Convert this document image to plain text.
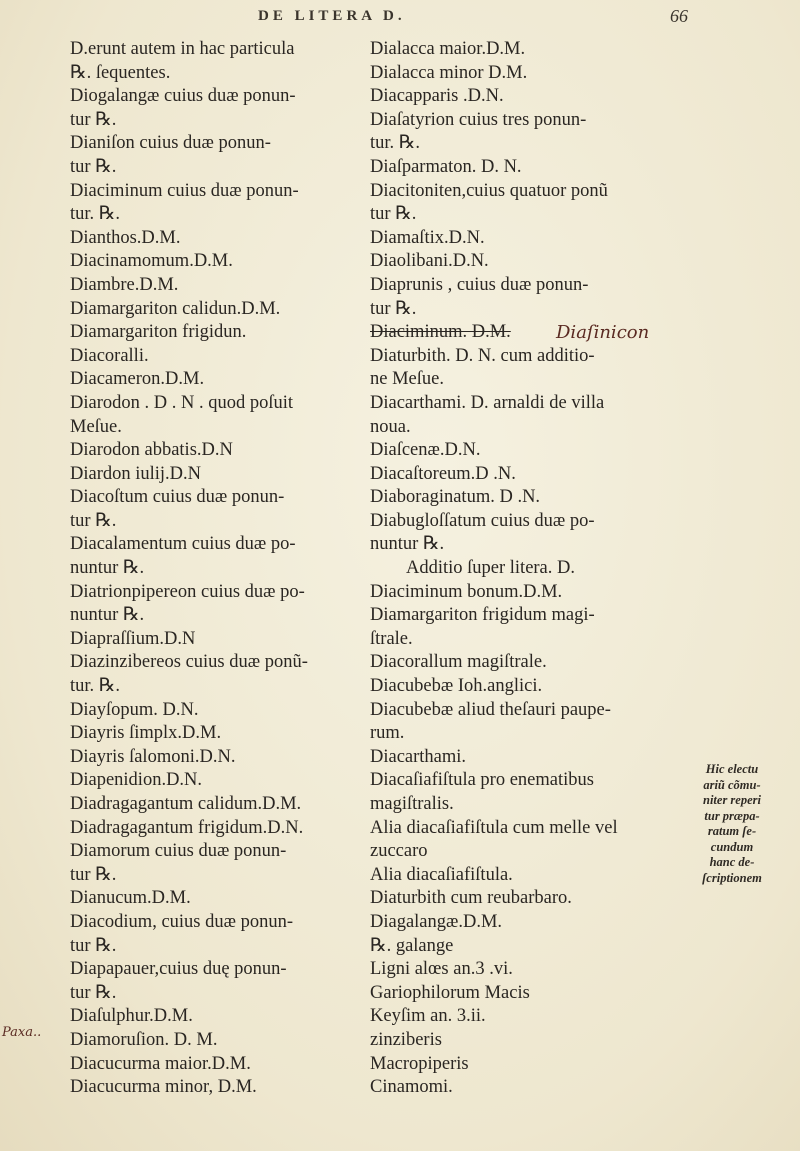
DE LITERA D.	66

D.erunt autem in hac particula

℞. ſequentes.

Diogalangæ cuius duæ ponun-

tur ℞.

Dianiſon cuius duæ ponun-

tur ℞.

Diaciminum cuius duæ ponun-

tur. ℞.

Dianthos.D.M.

Diacinamomum.D.M.

Diambre.D.M.

Diamargariton calidun.D.M.

Diamargariton frigidun.

Diacoralli.

Diacameron.D.M.

Diarodon . D . N . quod poſuit

Meſue.

Diarodon abbatis.D.N

Diardon iulij.D.N

Diacoſtum cuius duæ ponun-

tur ℞.

Diacalamentum cuius duæ po-

nuntur ℞.

Diatrionpipereon cuius duæ po-

nuntur ℞.

Diapraſſium.D.N

Diazinzibereos cuius duæ ponũ-

tur. ℞.

Diayſopum. D.N.

Diayris ſimplx.D.M.

Diayris ſalomoni.D.N.

Diapenidion.D.N.

Diadragagantum calidum.D.M.

Diadragagantum frigidum.D.N.

Diamorum cuius duæ ponun-

tur ℞.

Dianucum.D.M.

Diacodium, cuius duæ ponun-

tur ℞.

Diapapauer,cuius duę ponun-

tur ℞.

Diaſulphur.D.M.

Diamoruſion. D. M.

Diacucurma maior.D.M.

Diacucurma minor, D.M.

Dialacca maior.D.M.

Dialacca minor D.M.

Diacapparis .D.N.

Diaſatyrion cuius tres ponun-

tur. ℞.

Diaſparmaton. D. N.

Diacitoniten,cuius quatuor ponũ

tur ℞.

Diamaſtix.D.N.

Diaolibani.D.N.

Diaprunis , cuius duæ ponun-

tur ℞.

Diaciminum. D.M.	Diaſinicon

Diaturbith. D. N. cum additio-

ne Meſue.

Diacarthami. D. arnaldi de villa

noua.

Diaſcenæ.D.N.

Diacaſtoreum.D .N.

Diaboraginatum. D .N.

Diabugloſſatum cuius duæ po-

nuntur ℞.

Additio ſuper litera. D.

Diaciminum bonum.D.M.

Diamargariton frigidum magi-

ſtrale.

Diacorallum magiſtrale.

Diacubebæ Ioh.anglici.

Diacubebæ aliud theſauri paupe-

rum.

Diacarthami.

Diacaſiafiſtula pro enematibus

magiſtralis.

Alia diacaſiafiſtula cum melle vel

zuccaro

Alia diacaſiafiſtula.

Diaturbith cum reubarbaro.

Diagalangæ.D.M.

℞. galange

Ligni alœs an.3 .vi.

Gariophilorum Macis

Keyſim an. 3.ii.

zinziberis

Macropiperis

Cinamomi.

Hic electu
ariũ cõmu-
niter reperi
tur præpa-
ratum ſe-
cundum
hanc de-
ſcriptionem
Paxa..
